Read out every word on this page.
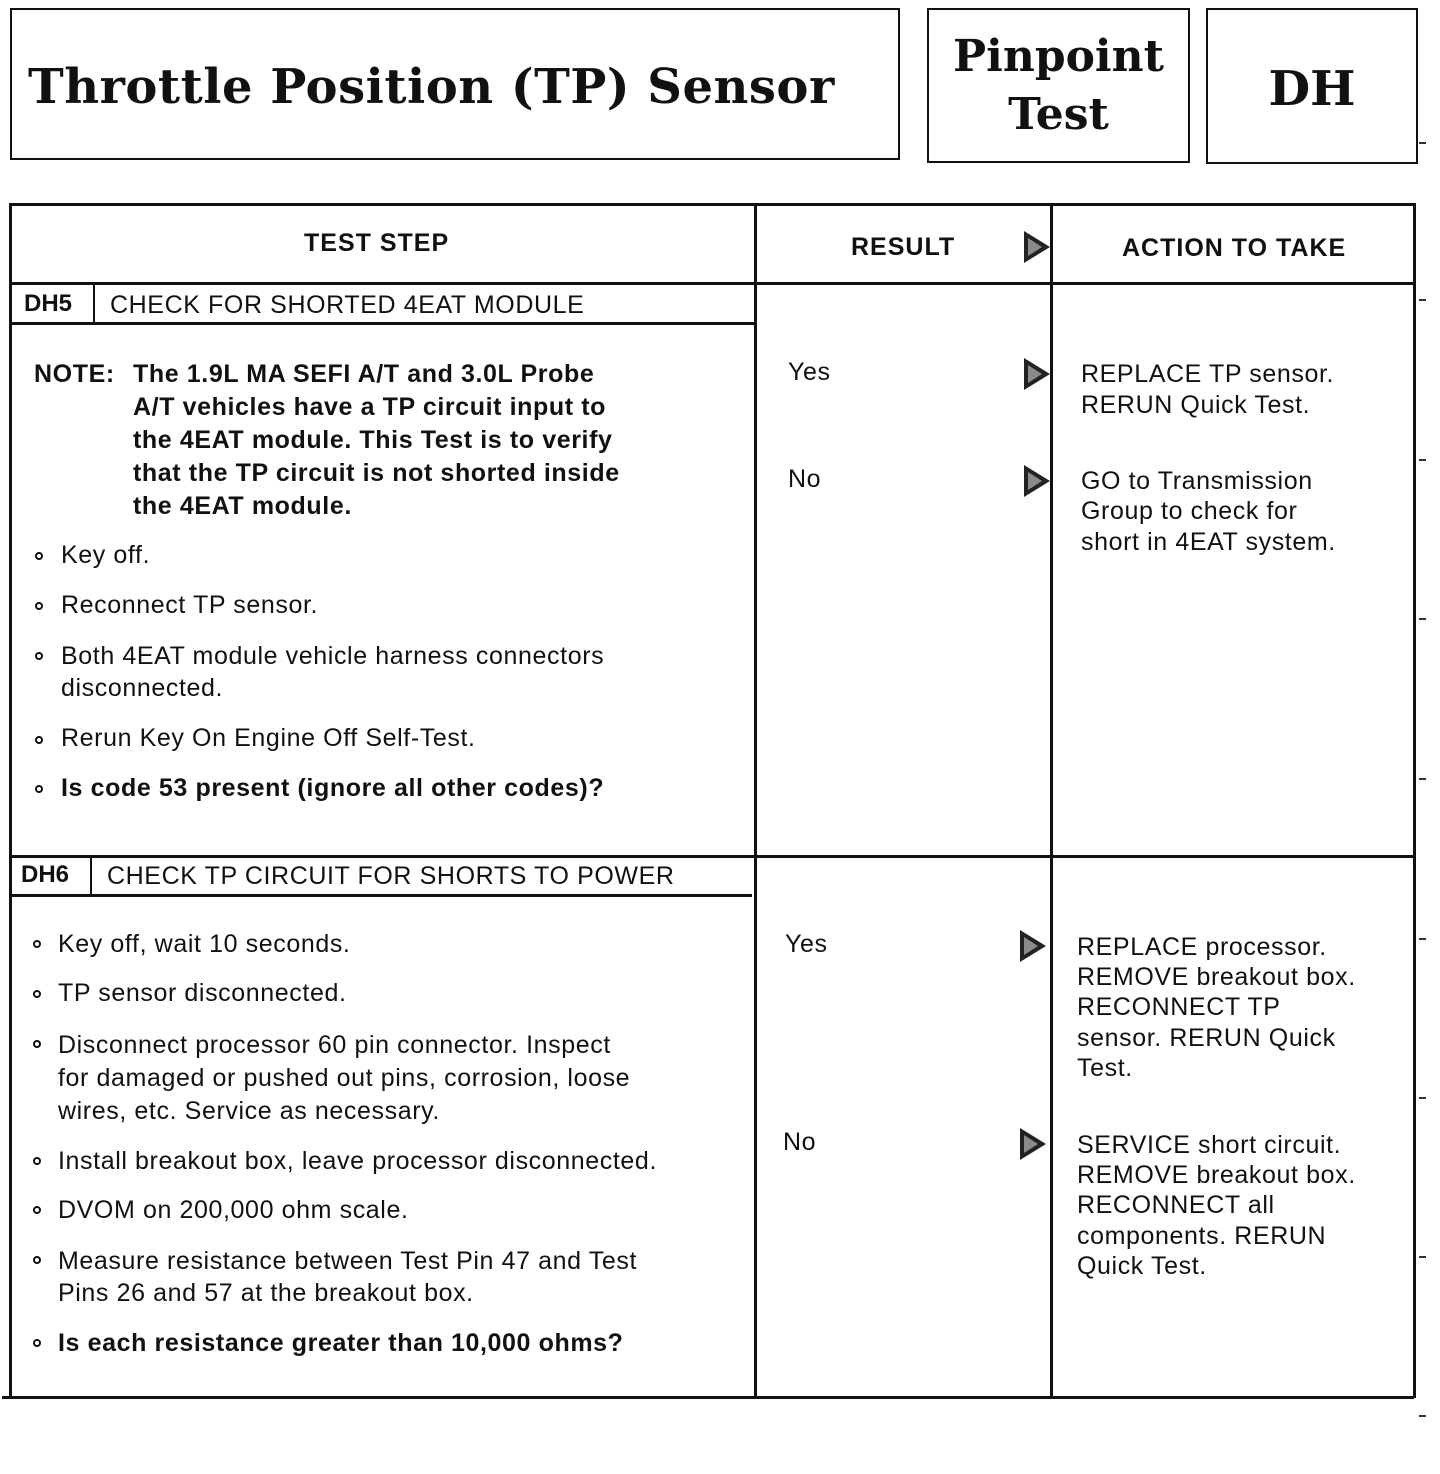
Throttle Position (TP) Sensor
Pinpoint
Test	DH
TEST STEP	RESULT	ACTION TO TAKE
DH5 CHECK FOR SHORTED 4EAT MODULE
NOTE: The 1.9L MA SEFI A/T and 3.0L Probe
A/T vehicles have a TP circuit input to
the 4EAT module. This Test is to verify
that the TP circuit is not shorted inside
the 4EAT module.
Key off.
Reconnect TP sensor.
Both 4EAT module vehicle harness connectors
disconnected.
Rerun Key On Engine Off Self-Test.
Is code 53 present (ignore all other codes)?
Yes	REPLACE TP sensor.
RERUN Quick Test.
No	GO to Transmission
Group to check for
short in 4EAT system.
DH6 CHECK TP CIRCUIT FOR SHORTS TO POWER
Key off, wait 10 seconds.
TP sensor disconnected.
Disconnect processor 60 pin connector. Inspect
for damaged or pushed out pins, corrosion, loose
wires, etc. Service as necessary.
Install breakout box, leave processor disconnected.
DVOM on 200,000 ohm scale.
Measure resistance between Test Pin 47 and Test
Pins 26 and 57 at the breakout box.
Is each resistance greater than 10,000 ohms?
Yes	REPLACE processor.
REMOVE breakout box.
RECONNECT TP
sensor. RERUN Quick
Test.
No	SERVICE short circuit.
REMOVE breakout box.
RECONNECT all
components. RERUN
Quick Test.
